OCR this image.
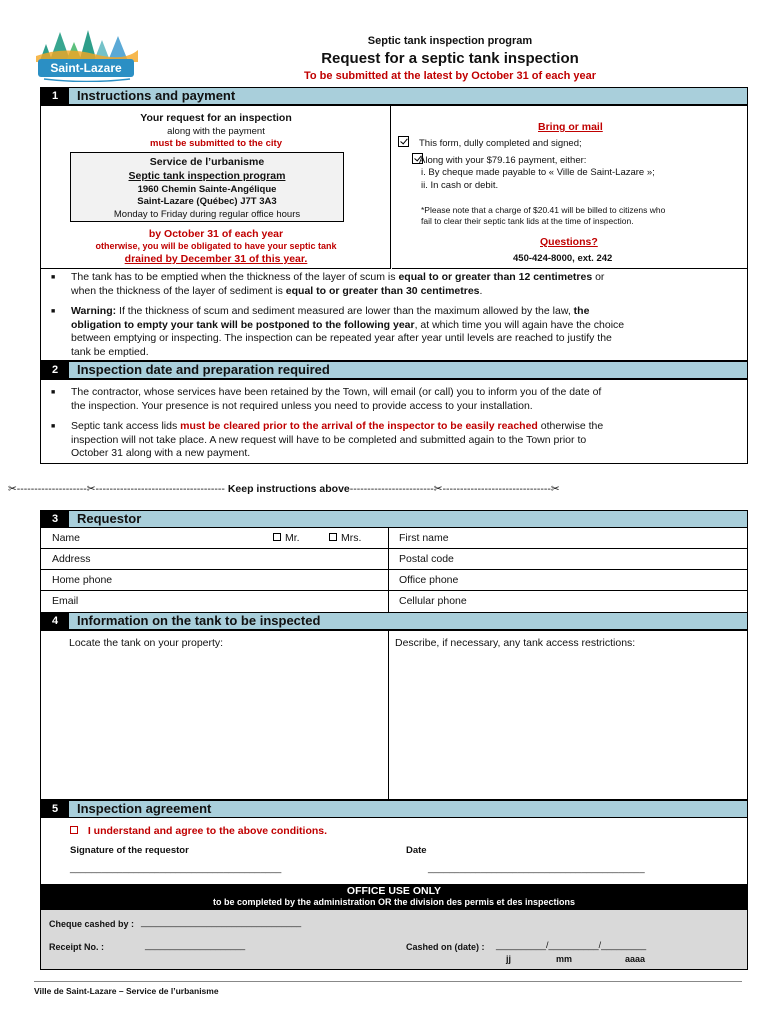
Saint-Lazare
Septic tank inspection program
Request for a septic tank inspection
To be submitted at the latest by October 31 of each year
1	Instructions and payment
Your request for an inspection
along with the payment
must be submitted to the city
Service de l’urbanisme
Septic tank inspection program
1960 Chemin Sainte-Angélique
Saint-Lazare (Québec) J7T 3A3
Monday to Friday during regular office hours
by October 31 of each year
otherwise, you will be obligated to have your septic tank
drained by December 31 of this year.
Bring or mail

This form, dully completed and signed;
Along with your $79.16 payment, either:
i. By cheque made payable to « Ville de Saint-Lazare »;
ii. In cash or debit.
*Please note that a charge of $20.41 will be billed to citizens who
fail to clear their septic tank lids at the time of inspection.
Questions?
450-424-8000, ext. 242
■ The tank has to be emptied when the thickness of the layer of scum is equal to or greater than 12 centimetres or
when the thickness of the layer of sediment is equal to or greater than 30 centimetres.
■ Warning: If the thickness of scum and sediment measured are lower than the maximum allowed by the law, the
obligation to empty your tank will be postponed to the following year, at which time you will again have the choice
between emptying or inspecting. The inspection can be repeated year after year until levels are reached to justify the
tank be emptied.
2	Inspection date and preparation required
■ The contractor, whose services have been retained by the Town, will email (or call) you to inform you of the date of
the inspection. Your presence is not required unless you need to provide access to your installation.
■ Septic tank access lids must be cleared prior to the arrival of the inspector to be easily reached otherwise the
inspection will not take place. A new request will have to be completed and submitted again to the Town prior to
October 31 along with a new payment.
✂--------------------✂------------------------------------- Keep instructions above------------------------✂-------------------------------✂
3	Requestor
Name	Mr.	Mrs.	First name
Address	Postal code
Home phone	Office phone
Email	Cellular phone
4	Information on the tank to be inspected
Locate the tank on your property:	Describe, if necessary, any tank access restrictions:
5	Inspection agreement
I understand and agree to the above conditions.
Signature of the requestor	Date
________________________________________	_________________________________________
OFFICE USE ONLY
to be completed by the administration OR the division des permis et des inspections
Cheque cashed by : ________________________________
Receipt No. :	____________________	Cashed on (date) : __________/__________/_________
jj	mm	aaaa
Ville de Saint-Lazare – Service de l’urbanisme
